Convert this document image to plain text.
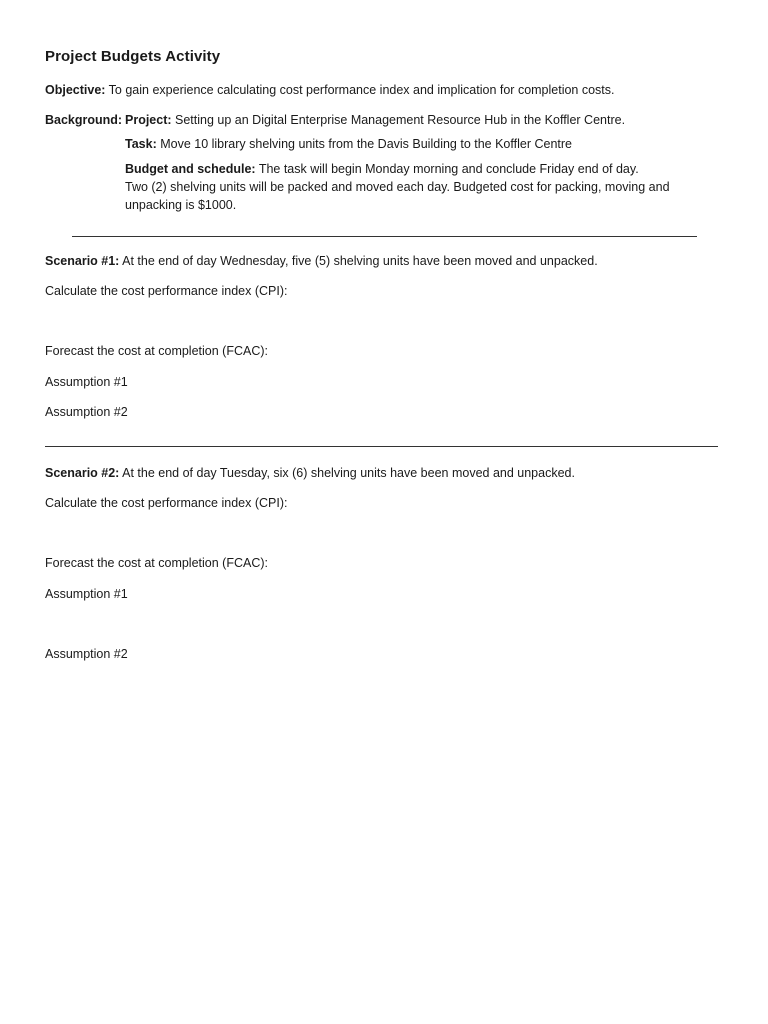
Project Budgets Activity
Objective: To gain experience calculating cost performance index and implication for completion costs.
Background: Project: Setting up an Digital Enterprise Management Resource Hub in the Koffler Centre.
Task: Move 10 library shelving units from the Davis Building to the Koffler Centre
Budget and schedule: The task will begin Monday morning and conclude Friday end of day.
Two (2) shelving units will be packed and moved each day. Budgeted cost for packing, moving and
unpacking is $1000.
Scenario #1: At the end of day Wednesday, five (5) shelving units have been moved and unpacked.
Calculate the cost performance index (CPI):
Forecast the cost at completion (FCAC):
Assumption #1
Assumption #2
Scenario #2: At the end of day Tuesday, six (6) shelving units have been moved and unpacked.
Calculate the cost performance index (CPI):
Forecast the cost at completion (FCAC):
Assumption #1
Assumption #2
